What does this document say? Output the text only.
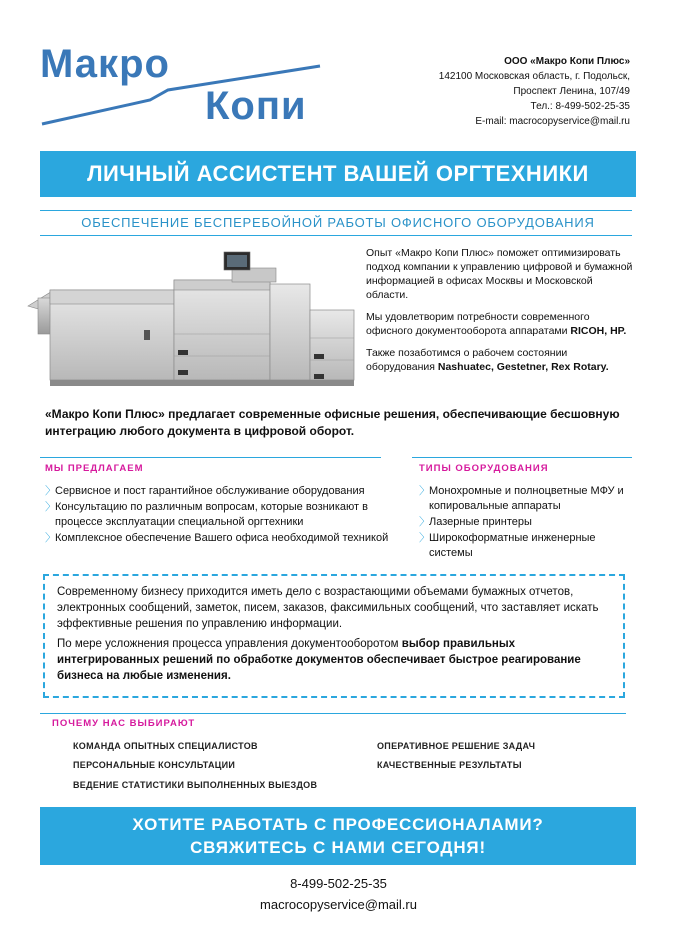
Макро
Копи
ООО «Макро Копи Плюс»
142100 Московская область, г. Подольск,
Проспект Ленина, 107/49
Тел.: 8-499-502-25-35
E-mail: macrocopyservice@mail.ru
ЛИЧНЫЙ АССИСТЕНТ ВАШЕЙ ОРГТЕХНИКИ
ОБЕСПЕЧЕНИЕ БЕСПЕРЕБОЙНОЙ РАБОТЫ ОФИСНОГО ОБОРУДОВАНИЯ

Опыт «Макро Копи Плюс» поможет оптимизировать подход компании к управлению цифровой и бумажной информацией в офисах Москвы и Московской области.

Мы удовлетворим потребности современного офисного документооборота аппаратами RICOH, HP.

Также позаботимся о рабочем состоянии оборудования Nashuatec, Gestetner, Rex Rotary.

«Макро Копи Плюс» предлагает современные офисные решения, обеспечивающие бесшовную интеграцию любого документа в цифровой оборот.
МЫ ПРЕДЛАГАЕМ	ТИПЫ ОБОРУДОВАНИЯ
〉 Сервисное и пост гарантийное обслуживание оборудования
〉 Консультацию по различным вопросам, которые возникают в процессе эксплуатации специальной оргтехники
〉 Комплексное обеспечение Вашего офиса необходимой техникой
〉 Монохромные и полноцветные МФУ и копировальные аппараты
〉 Лазерные принтеры
〉 Широкоформатные инженерные системы

Современному бизнесу приходится иметь дело с возрастающими объемами бумажных отчетов, электронных сообщений, заметок, писем, заказов, факсимильных сообщений, что заставляет искать эффективные решения по управлению информации.

По мере усложнения процесса управления документооборотом выбор правильных интегрированных решений по обработке документов обеспечивает быстрое реагирование бизнеса на любые изменения.

ПОЧЕМУ НАС ВЫБИРАЮТ
КОМАНДА ОПЫТНЫХ СПЕЦИАЛИСТОВ
ПЕРСОНАЛЬНЫЕ КОНСУЛЬТАЦИИ
ВЕДЕНИЕ СТАТИСТИКИ ВЫПОЛНЕННЫХ ВЫЕЗДОВ
ОПЕРАТИВНОЕ РЕШЕНИЕ ЗАДАЧ
КАЧЕСТВЕННЫЕ РЕЗУЛЬТАТЫ
ХОТИТЕ РАБОТАТЬ С ПРОФЕССИОНАЛАМИ?
СВЯЖИТЕСЬ С НАМИ СЕГОДНЯ!
8-499-502-25-35
macrocopyservice@mail.ru
